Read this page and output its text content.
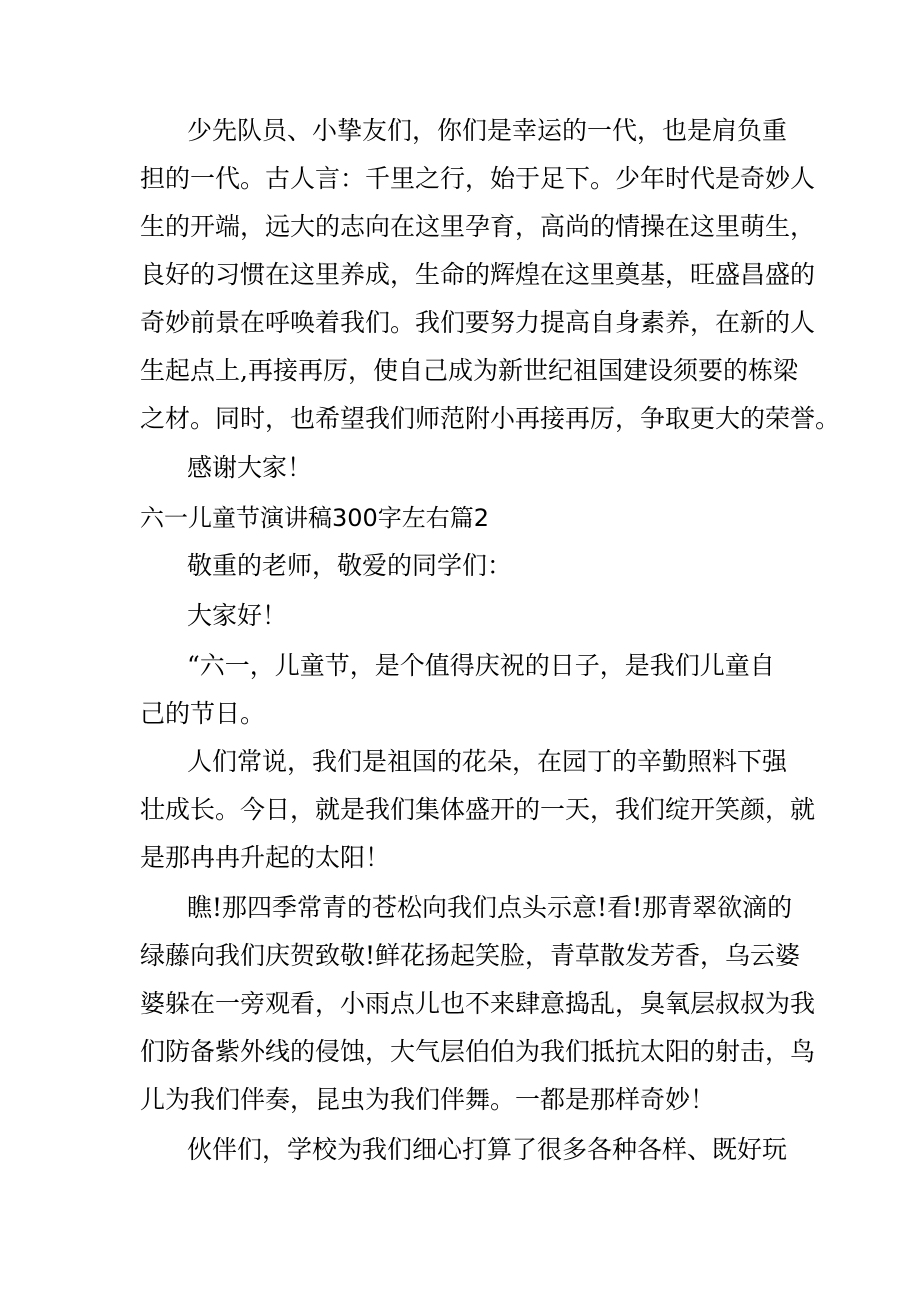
少先队员、小挚友们，你们是幸运的一代，也是肩负重
担的一代。古人言：千里之行，始于足下。少年时代是奇妙人
生的开端，远大的志向在这里孕育，高尚的情操在这里萌生，
良好的习惯在这里养成，生命的辉煌在这里奠基，旺盛昌盛的
奇妙前景在呼唤着我们。我们要努力提高自身素养，在新的人
生起点上,再接再厉，使自己成为新世纪祖国建设须要的栋梁
之材。同时，也希望我们师范附小再接再厉，争取更大的荣誉。
感谢大家！
六一儿童节演讲稿300字左右篇2
敬重的老师，敬爱的同学们：
大家好！
“六一，儿童节，是个值得庆祝的日子，是我们儿童自
己的节日。
人们常说，我们是祖国的花朵，在园丁的辛勤照料下强
壮成长。今日，就是我们集体盛开的一天，我们绽开笑颜，就
是那冉冉升起的太阳！
瞧!那四季常青的苍松向我们点头示意!看!那青翠欲滴的
绿藤向我们庆贺致敬!鲜花扬起笑脸，青草散发芳香，乌云婆
婆躲在一旁观看，小雨点儿也不来肆意捣乱，臭氧层叔叔为我
们防备紫外线的侵蚀，大气层伯伯为我们抵抗太阳的射击，鸟
儿为我们伴奏，昆虫为我们伴舞。一都是那样奇妙！
伙伴们，学校为我们细心打算了很多各种各样、既好玩
